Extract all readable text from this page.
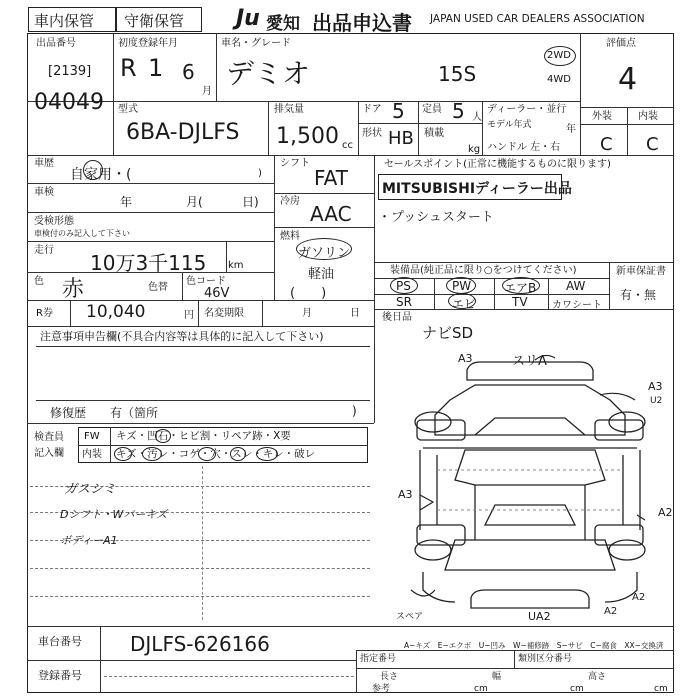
車内保管 守衛保管 Ju 愛知 出品申込書 JAPAN USED CAR DEALERS ASSOCIATION
出品番号
[2139]
04049
初度登録年月
R 1 6
月
車名・グレード
デミオ	15S
2WD
4WD
評価点
4
外装	内装
C C
型式
6BA-DJLFS
排気量
1,500 cc
ドア 5 定員 5 人
形状 HB 積載
kg
ディーラー・並行
モデル年式	年
ハンドル 左・右
車歴
自家用・(	)
車検
年	月(	日)
受検形態
車検付のみ記入して下さい
走行
10万3千115 km
色 赤	色替
色コード
46V
シフト
FAT
冷房
AAC
燃料
ガソリン
軽油
(　　)
セールスポイント(正常に機能するものに限ります)
MITSUBISHIディーラー出品
・プッシュスタート
装備品(純正品に限り○をつけてください)
PS	PW	エアB AW
SR	エビ	TV カワシート
新車保証書
有・無
R券 10,040	円 名変期限	月	日 後日品
ナビSD
注意事項申告欄(不具合内容等は具体的に記入して下さい)
修復歴　　有（箇所	)
検査員
記入欄
FW キズ・凹石・ヒビ割・リペア跡・X要
内装 キズ・汚レ・コゲ・穴・スレ・キレ・破レ
ガスシミ
Dシフト・Wパーキズ
ボディーA1
A3	スリA
A3
U2
A3
A2
UA2	A2
A2
スペア
A−キズ　E−エクボ　U−凹み　W−補修跡　S−サビ　C−腐食　XX−交換済
車台番号 DJLFS-626166
登録番号
指定番号	類別区分番号
長さ	幅	高さ
参考	cm	cm	cm
